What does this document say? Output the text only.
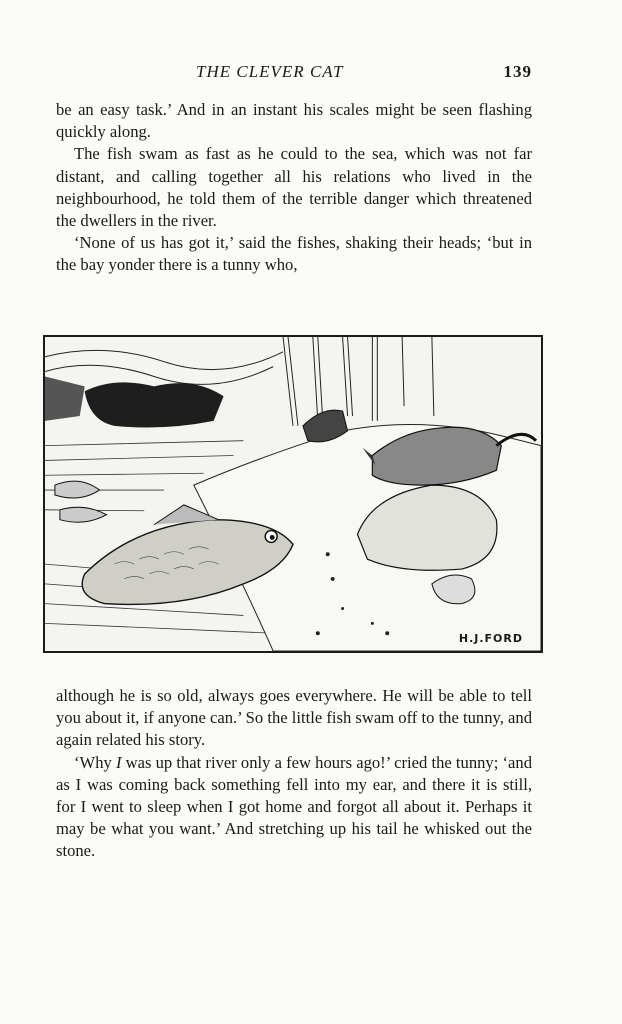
THE CLEVER CAT	139

be an easy task.’ And in an instant his scales might be seen flashing quickly along.

The fish swam as fast as he could to the sea, which was not far distant, and calling together all his relations who lived in the neighbourhood, he told them of the terrible danger which threatened the dwellers in the river.

‘None of us has got it,’ said the fishes, shaking their heads; ‘but in the bay yonder there is a tunny who,

H.J.FORD

although he is so old, always goes everywhere. He will be able to tell you about it, if anyone can.’ So the little fish swam off to the tunny, and again related his story.

‘Why I was up that river only a few hours ago!’ cried the tunny; ‘and as I was coming back something fell into my ear, and there it is still, for I went to sleep when I got home and forgot all about it. Perhaps it may be what you want.’ And stretching up his tail he whisked out the stone.
